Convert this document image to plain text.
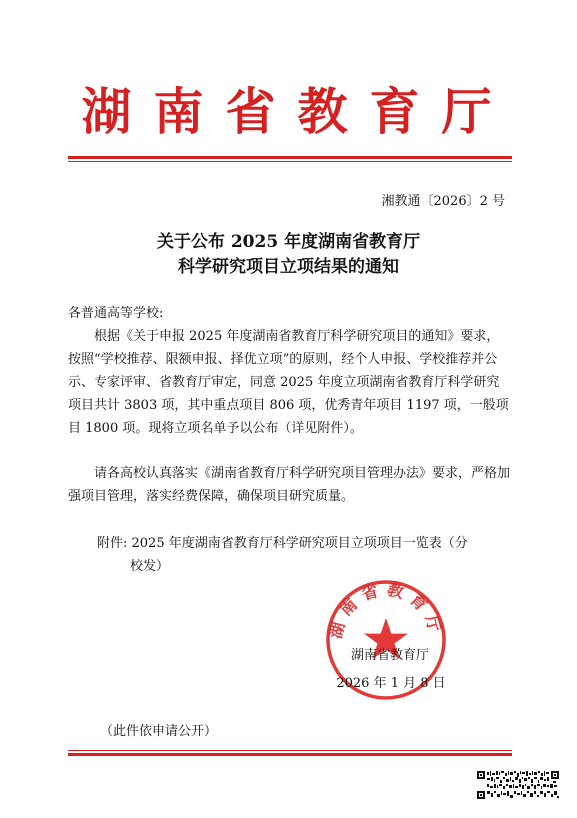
湖南省教育厅
湘教通〔2026〕2 号
关于公布 2025 年度湖南省教育厅
科学研究项目立项结果的通知
各普通高等学校:
根据《关于申报 2025 年度湖南省教育厅科学研究项目的通知》要求，按照“学校推荐、限额申报、择优立项”的原则，经个人申报、学校推荐并公示、专家评审、省教育厅审定，同意 2025 年度立项湖南省教育厅科学研究项目共计 3803 项，其中重点项目 806 项，优秀青年项目 1197 项，一般项目 1800 项。现将立项名单予以公布（详见附件）。
请各高校认真落实《湖南省教育厅科学研究项目管理办法》要求，严格加强项目管理，落实经费保障，确保项目研究质量。
附件: 2025 年度湖南省教育厅科学研究项目立项项目一览表（分
校发）
湖南省教育厅
湖南省教育厅
2026 年 1 月 8 日
（此件依申请公开）
